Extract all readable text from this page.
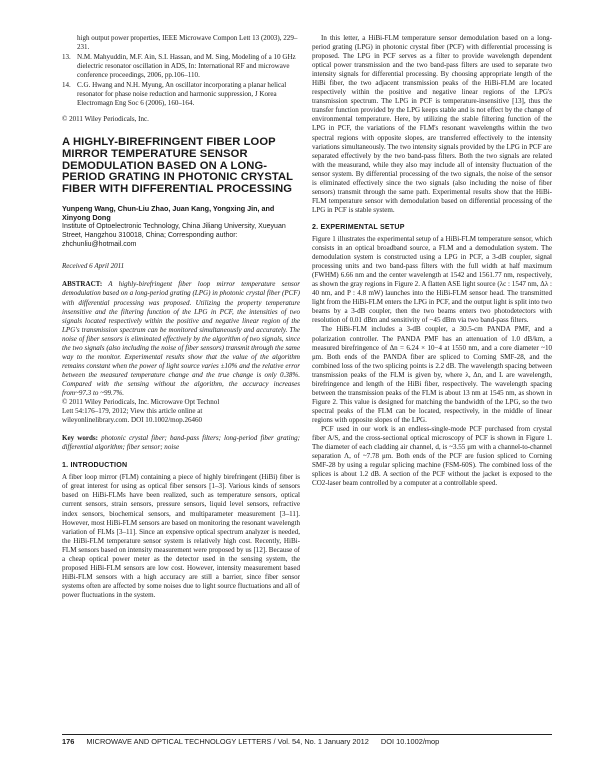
high output power properties, IEEE Microwave Compon Lett 13 (2003), 229–231.
13. N.M. Mahyuddin, M.F. Ain, S.I. Hassan, and M. Sing, Modeling of a 10 GHz dielectric resonator oscillation in ADS, In: International RF and microwave conference proceedings, 2006, pp.106–110.
14. C.G. Hwang and N.H. Myung, An oscillator incorporating a planar helical resonator for phase noise reduction and harmonic suppression, J Korea Electromagn Eng Soc 6 (2006), 160–164.

© 2011 Wiley Periodicals, Inc.

A HIGHLY-BIREFRINGENT FIBER LOOP MIRROR TEMPERATURE SENSOR DEMODULATION BASED ON A LONG-PERIOD GRATING IN PHOTONIC CRYSTAL FIBER WITH DIFFERENTIAL PROCESSING

Yunpeng Wang, Chun-Liu Zhao, Juan Kang, Yongxing Jin, and Xinyong Dong

Institute of Optoelectronic Technology, China Jiliang University, Xueyuan Street, Hangzhou 310018, China; Corresponding author: zhchunliu@hotmail.com

Received 6 April 2011

ABSTRACT: A highly-birefringent fiber loop mirror temperature sensor demodulation based on a long-period grating (LPG) in photonic crystal fiber (PCF) with differential processing was proposed. Utilizing the property temperature insensitive and the filtering function of the LPG in PCF, the intensities of two signals located respectively within the positive and negative linear region of the LPG's transmission spectrum can be monitored simultaneously and accurately. The noise of fiber sensors is eliminated effectively by the algorithm of two signals, since the two signals (also including the noise of fiber sensors) transmit through the same way to the monitor. Experimental results show that the value of the algorithm remains constant when the power of light source varies ±10% and the relative error between the measured temperature change and the true change is only 0.38%. Compared with the sensing without the algorithm, the accuracy increases from~97.3 to ~99.7%.

© 2011 Wiley Periodicals, Inc. Microwave Opt Technol

Lett 54:176–179, 2012; View this article online at

wileyonlinelibrary.com. DOI 10.1002/mop.26460

Key words: photonic crystal fiber; band-pass filters; long-period fiber grating; differential algorithm; fiber sensor; noise

1. INTRODUCTION

A fiber loop mirror (FLM) containing a piece of highly birefringent (HiBi) fiber is of great interest for using as optical fiber sensors [1–3]. Various kinds of sensors based on HiBi-FLMs have been realized, such as temperature sensors, optical current sensors, strain sensors, pressure sensors, liquid level sensors, refractive index sensors, biochemical sensors, and multiparameter measurement [3–11]. However, most HiBi-FLM sensors are based on monitoring the resonant wavelength variation of FLMs [3–11]. Since an expensive optical spectrum analyzer is needed, the HiBi-FLM temperature sensor system is relatively high cost. Recently, HiBi-FLM sensors based on intensity measurement were proposed by us [12]. Because of a cheap optical power meter as the detector used in the sensing system, the proposed HiBi-FLM sensors are low cost. However, intensity measurement based HiBi-FLM sensors with a high accuracy are still a barrier, since fiber sensor systems often are affected by some noises due to light source fluctuations and all of power fluctuations in the system.

In this letter, a HiBi-FLM temperature sensor demodulation based on a long-period grating (LPG) in photonic crystal fiber (PCF) with differential processing is proposed. The LPG in PCF serves as a filter to provide wavelength dependent optical power transmission and the two band-pass filters are used to separate two intensity signals for differential processing. By choosing appropriate length of the HiBi fiber, the two adjacent transmission peaks of the HiBi-FLM are located respectively within the positive and negative linear regions of the LPG's transmission spectrum. The LPG in PCF is temperature-insensitive [13], thus the transfer function provided by the LPG keeps stable and is not effect by the change of environmental temperature. Here, by utilizing the stable filtering function of the LPG in PCF, the variations of the FLM's resonant wavelengths within the two spectral regions with opposite slopes, are transferred effectively to the intensity variations simultaneously. The two intensity signals provided by the LPG in PCF are separated effectively by the two band-pass filters. Both the two signals are related with the measurand, while they also may include all of intensity fluctuation of the sensor system. By differential processing of the two signals, the noise of the sensor is eliminated effectively since the two signals (also including the noise of fiber sensors) transmit through the same path. Experimental results show that the HiBi-FLM temperature sensor with demodulation based on differential processing of the LPG in PCF is stable system.

2. EXPERIMENTAL SETUP

Figure 1 illustrates the experimental setup of a HiBi-FLM temperature sensor, which consists in an optical broadband source, a FLM and a demodulation system. The demodulation system is constructed using a LPG in PCF, a 3-dB coupler, signal processing units and two band-pass filters with the full width at half maximum (FWHM) 6.66 nm and the center wavelength at 1542 and 1561.77 nm, respectively, as shown the gray regions in Figure 2. A flatten ASE light source (λc : 1547 nm, Δλ : 40 nm, and P : 4.8 mW) launches into the HiBi-FLM sensor head. The transmitted light from the HiBi-FLM enters the LPG in PCF, and the output light is split into two beams by a 3-dB coupler, then the two beams enters two photodetectors with resolution of 0.01 dBm and sensitivity of −45 dBm via two band-pass filters.

The HiBi-FLM includes a 3-dB coupler, a 30.5-cm PANDA PMF, and a polarization controller. The PANDA PMF has an attenuation of 1.0 dB/km, a measured birefringence of Δn = 6.24 × 10−4 at 1550 nm, and a core diameter ~10 μm. Both ends of the PANDA fiber are spliced to Corning SMF-28, and the combined loss of the two splicing points is 2.2 dB. The wavelength spacing between transmission peaks of the FLM is given by, where λ, Δn, and L are wavelength, birefringence and length of the HiBi fiber, respectively. The wavelength spacing between the transmission peaks of the FLM is about 13 nm at 1545 nm, as shown in Figure 2. This value is designed for matching the bandwidth of the LPG, so the two spectral peaks of the FLM can be located, respectively, in the middle of linear regions with opposite slopes of the LPG.

PCF used in our work is an endless-single-mode PCF purchased from crystal fiber A/S, and the cross-sectional optical microscopy of PCF is shown in Figure 1. The diameter of each cladding air channel, d, is ~3.55 μm with a channel-to-channel separation Λ, of ~7.78 μm. Both ends of the PCF are fusion spliced to Corning SMF-28 by using a regular splicing machine (FSM-60S). The combined loss of the splices is about 1.2 dB. A section of the PCF without the jacket is exposed to the CO2-laser beam controlled by a computer at a controllable speed.

176 MICROWAVE AND OPTICAL TECHNOLOGY LETTERS / Vol. 54, No. 1 January 2012 DOI 10.1002/mop
